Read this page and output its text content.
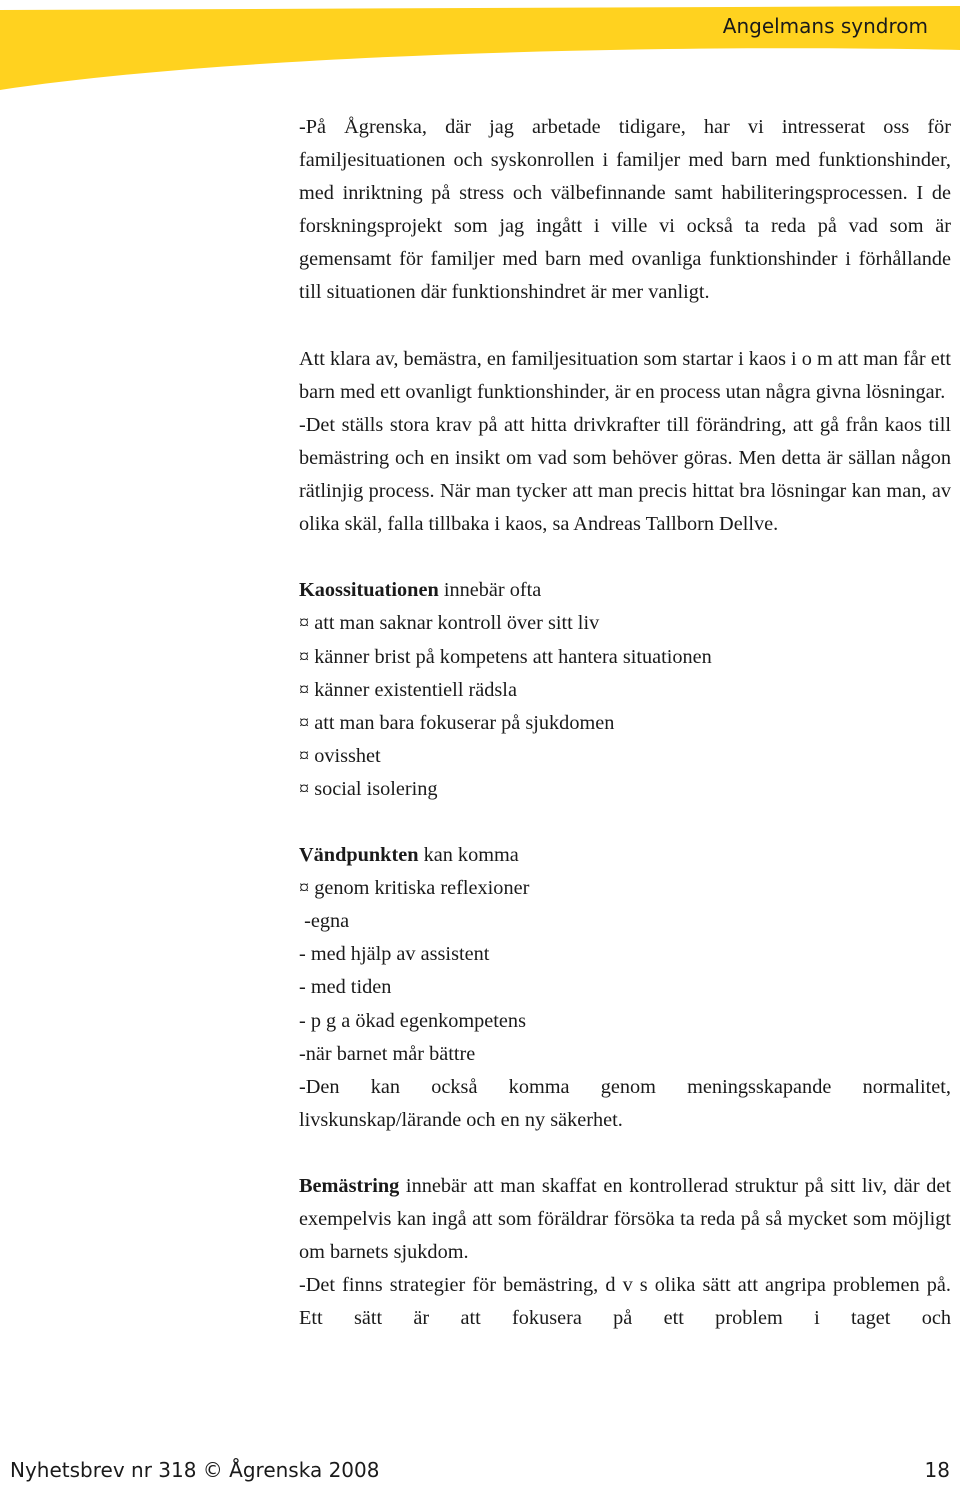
Angelmans syndrom

-På Ågrenska, där jag arbetade tidigare, har vi intresserat oss för familjesituationen och syskonrollen i familjer med barn med funktionshinder, med inriktning på stress och välbefinnande samt habiliteringsprocessen. I de forskningsprojekt som jag ingått i ville vi också ta reda på vad som är gemensamt för familjer med barn med ovanliga funktionshinder i förhållande till situationen där funktionshindret är mer vanligt.

Att klara av, bemästra, en familjesituation som startar i kaos i o m att man får ett barn med ett ovanligt funktionshinder, är en process utan några givna lösningar.

-Det ställs stora krav på att hitta drivkrafter till förändring, att gå från kaos till bemästring och en insikt om vad som behöver göras. Men detta är sällan någon rätlinjig process. När man tycker att man precis hittat bra lösningar kan man, av olika skäl, falla tillbaka i kaos, sa Andreas Tallborn Dellve.

Kaossituationen innebär ofta
¤ att man saknar kontroll över sitt liv
¤ känner brist på kompetens att hantera situationen
¤ känner existentiell rädsla
¤ att man bara fokuserar på sjukdomen
¤ ovisshet
¤ social isolering
Vändpunkten kan komma
¤ genom kritiska reflexioner
-egna
- med hjälp av assistent
- med tiden
- p g a ökad egenkompetens
-när barnet mår bättre

-Den kan också komma genom meningsskapande normalitet, livskunskap/lärande och en ny säkerhet.

Bemästring innebär att man skaffat en kontrollerad struktur på sitt liv, där det exempelvis kan ingå att som föräldrar försöka ta reda på så mycket som möjligt om barnets sjukdom.

-Det finns strategier för bemästring, d v s olika sätt att angripa problemen på. Ett sätt är att fokusera på ett problem i taget och

Nyhetsbrev nr 318 © Ågrenska 2008	18
